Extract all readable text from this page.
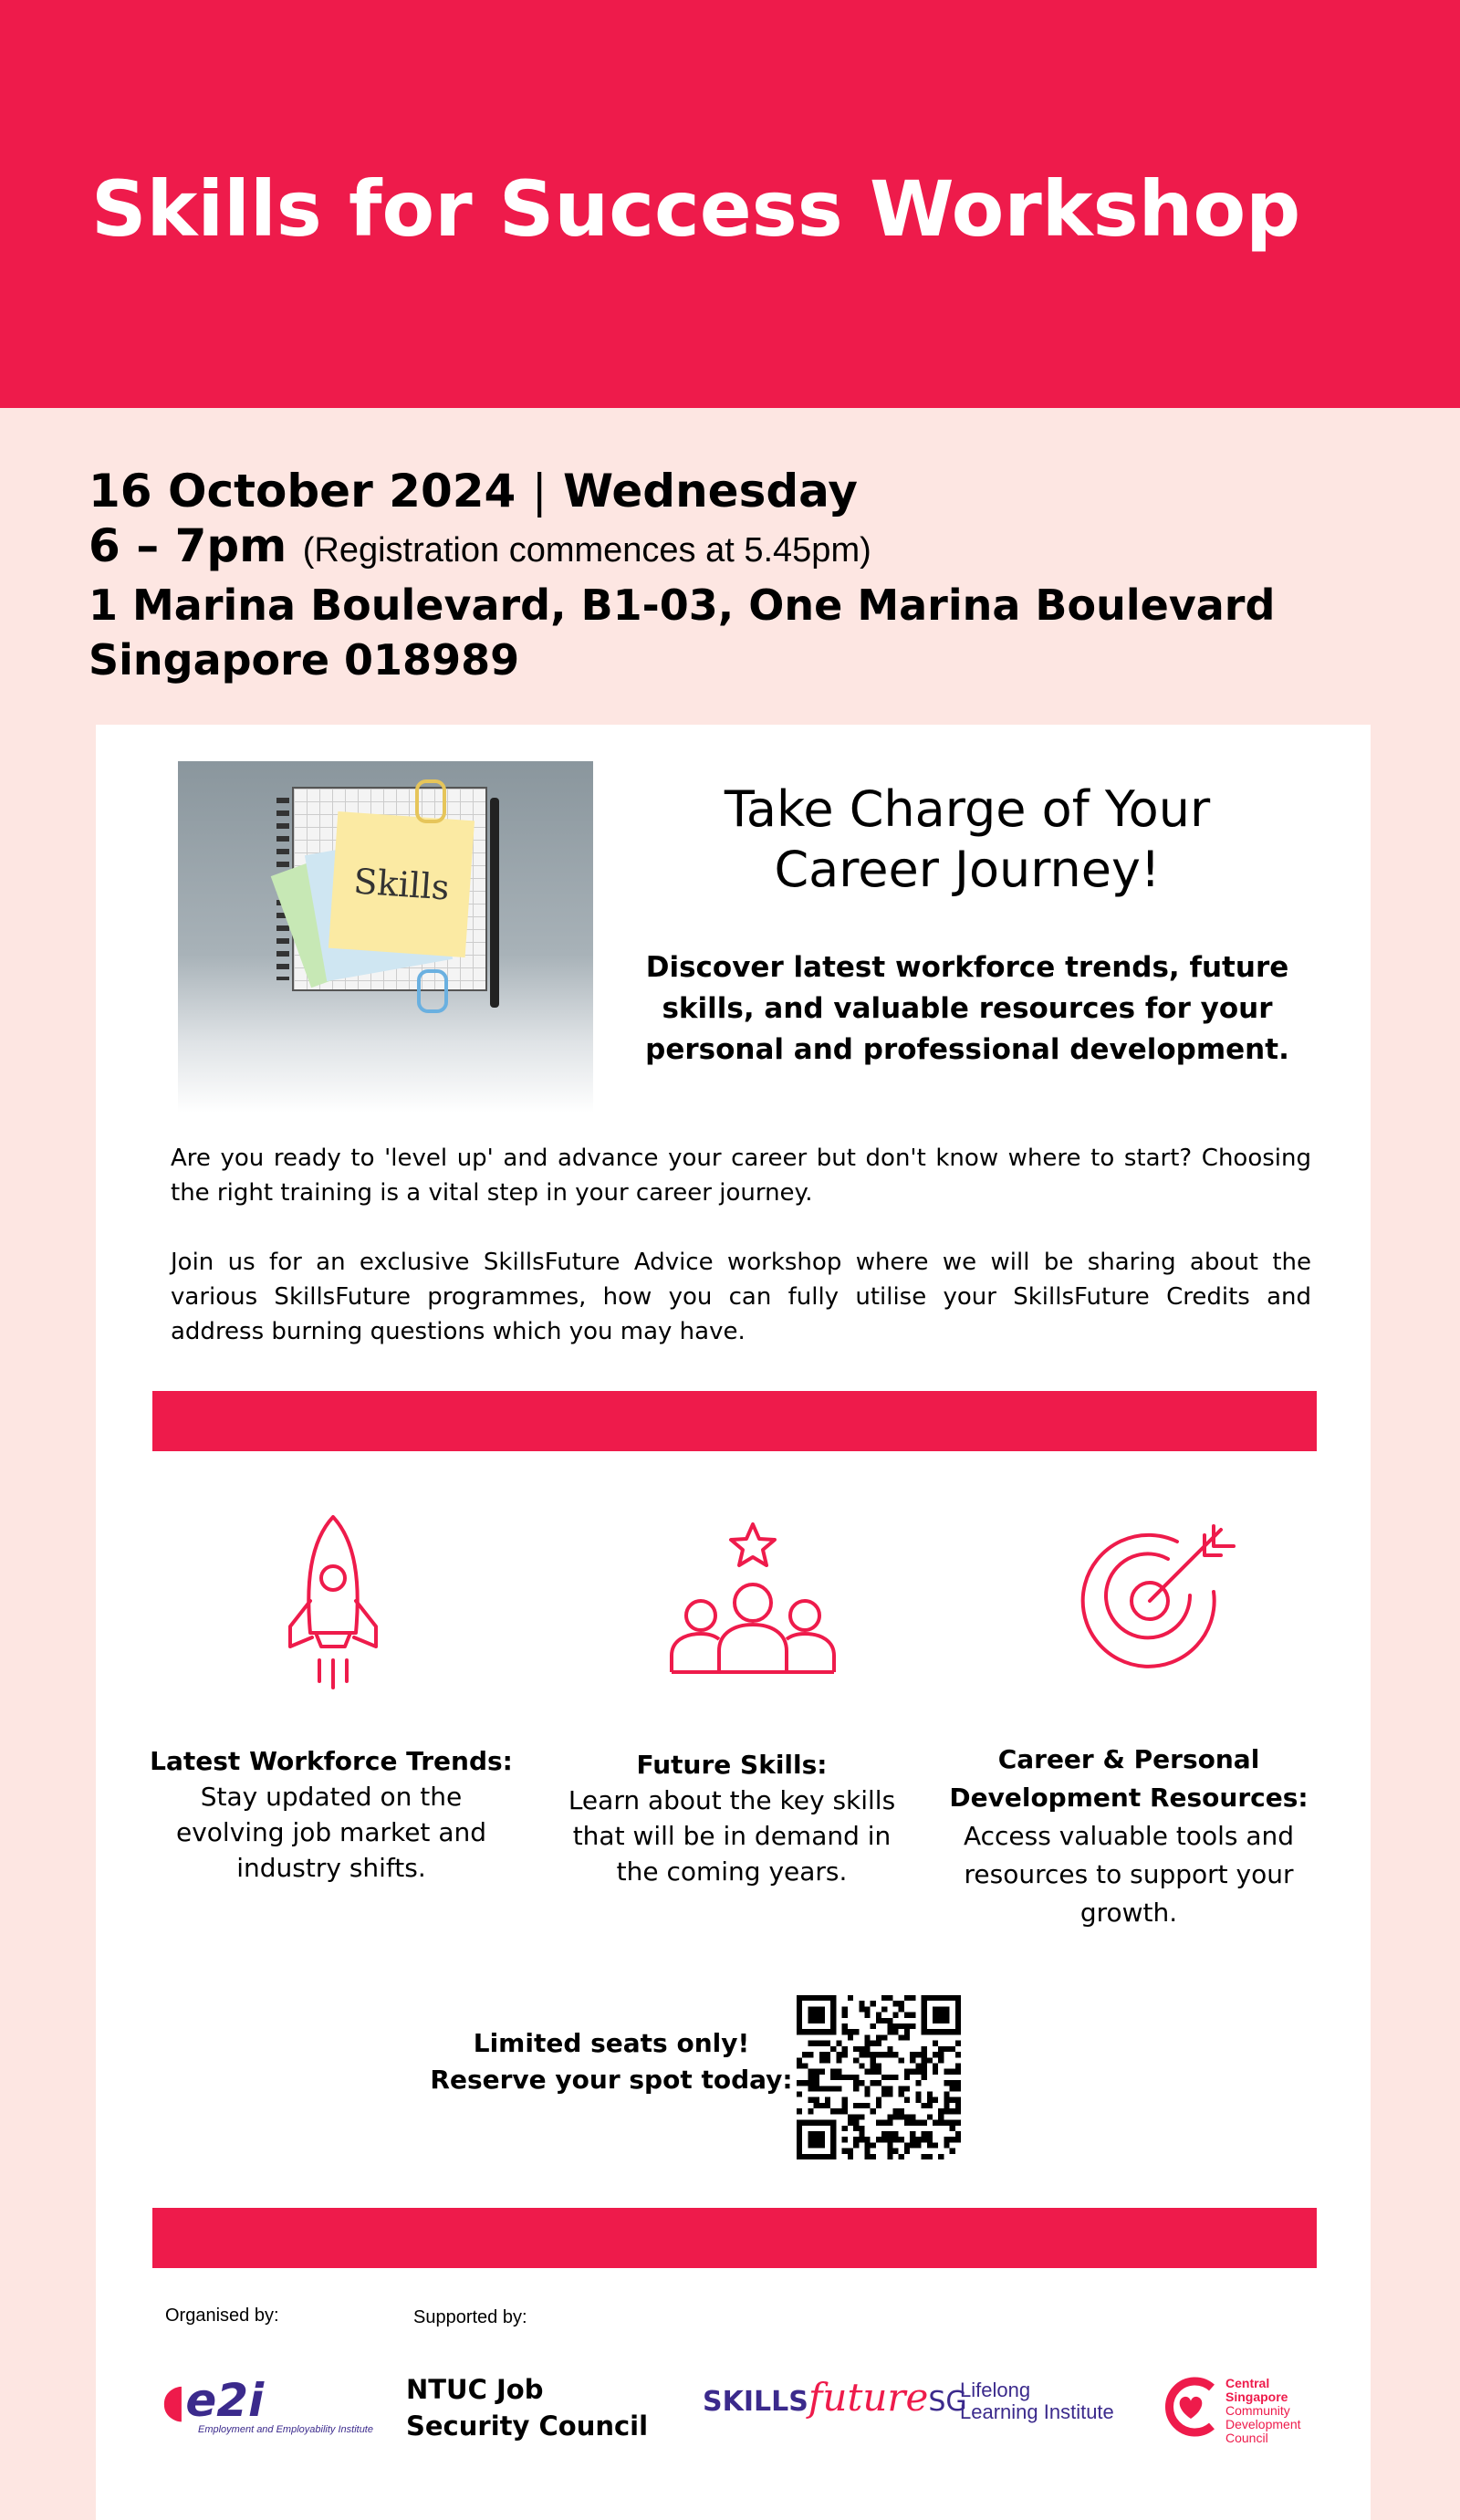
Skills for Success Workshop
16 October 2024 | Wednesday
6 – 7pm (Registration commences at 5.45pm)
1 Marina Boulevard, B1-03, One Marina Boulevard
Singapore 018989
Skills
Take Charge of Your
Career Journey!
Discover latest workforce trends, future skills, and valuable resources for your personal and professional development.

Are you ready to 'level up' and advance your career but don't know where to start? Choosing the right training is a vital step in your career journey.

Join us for an exclusive SkillsFuture Advice workshop where we will be sharing about the various SkillsFuture programmes, how you can fully utilise your SkillsFuture Credits and address burning questions which you may have.

Latest Workforce Trends:
Stay updated on the evolving job market and industry shifts.
Future Skills:
Learn about the key skills that will be in demand in the coming years.
Career & Personal Development Resources:
Access valuable tools and resources to support your growth.
Limited seats only!
Reserve your spot today:
Organised by:	Supported by:
◖e2i
Employment and Employability Institute
NTUC Job
Security Council
SKILLSfutureSG
Lifelong
Learning Institute
Central
Singapore
Community
Development
Council
